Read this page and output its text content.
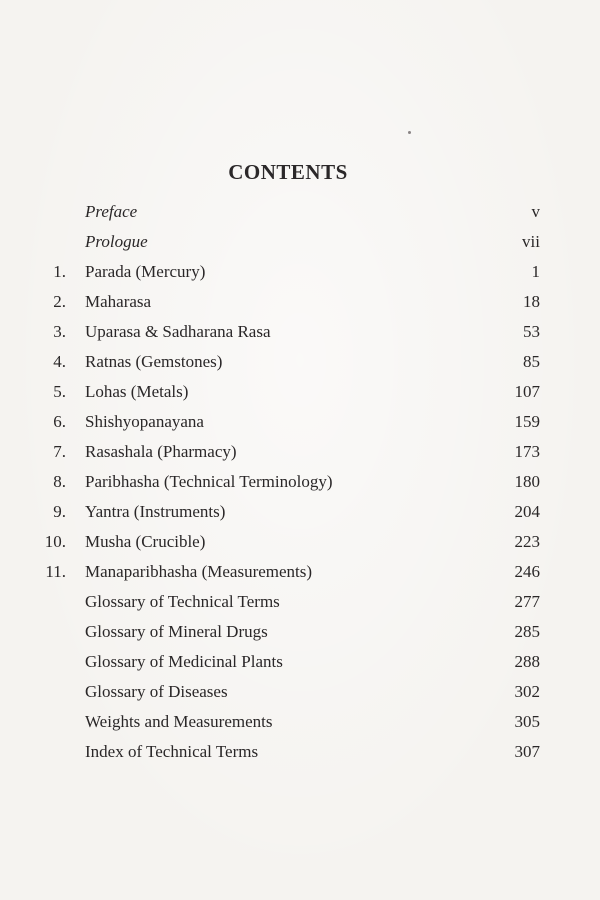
CONTENTS
Preface	v
Prologue	vii
1. Parada (Mercury)	1
2. Maharasa	18
3. Uparasa & Sadharana Rasa	53
4. Ratnas (Gemstones)	85
5. Lohas (Metals)	107
6. Shishyopanayana	159
7. Rasashala (Pharmacy)	173
8. Paribhasha (Technical Terminology)	180
9. Yantra (Instruments)	204
10. Musha (Crucible)	223
11. Manaparibhasha (Measurements)	246
Glossary of Technical Terms	277
Glossary of Mineral Drugs	285
Glossary of Medicinal Plants	288
Glossary of Diseases	302
Weights and Measurements	305
Index of Technical Terms	307
